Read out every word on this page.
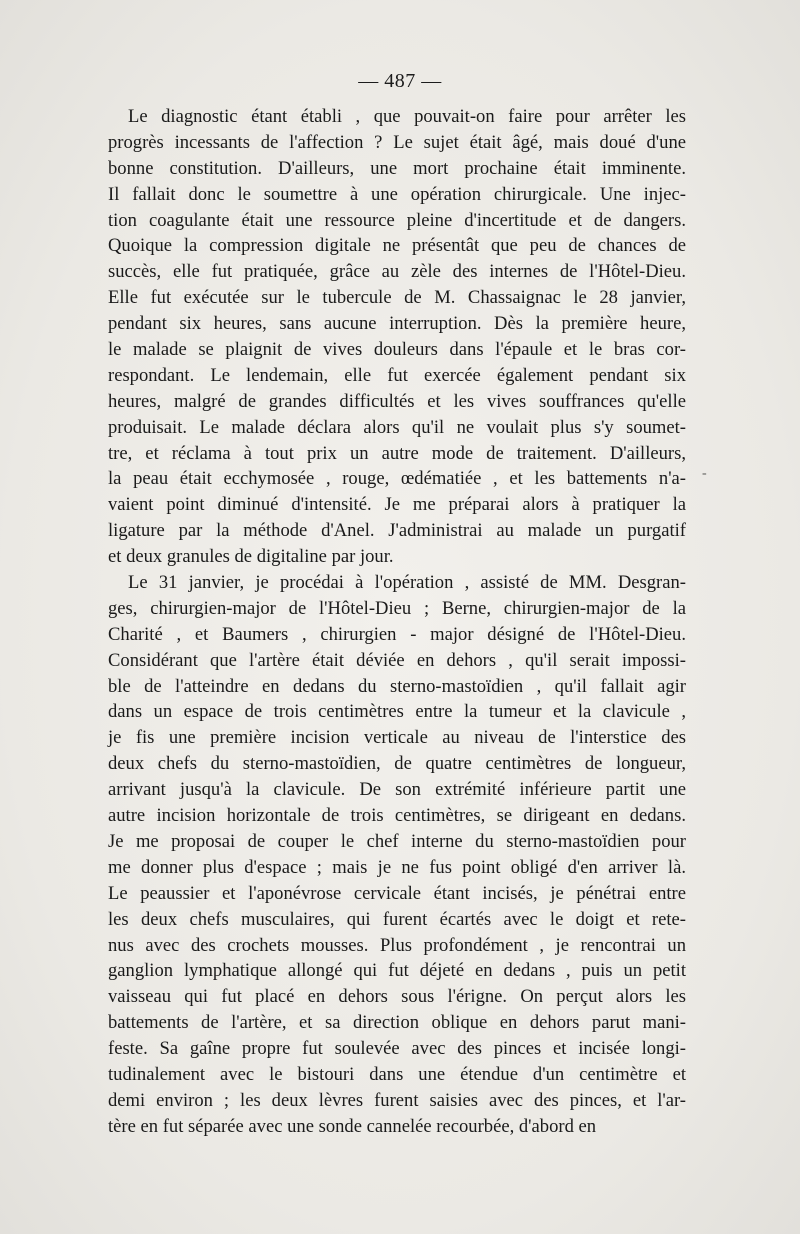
— 487 —
Le diagnostic étant établi , que pouvait-on faire pour arrêter les
progrès incessants de l'affection ? Le sujet était âgé, mais doué d'une
bonne constitution. D'ailleurs, une mort prochaine était imminente.
Il fallait donc le soumettre à une opération chirurgicale. Une injec-
tion coagulante était une ressource pleine d'incertitude et de dangers.
Quoique la compression digitale ne présentât que peu de chances de
succès, elle fut pratiquée, grâce au zèle des internes de l'Hôtel-Dieu.
Elle fut exécutée sur le tubercule de M. Chassaignac le 28 janvier,
pendant six heures, sans aucune interruption. Dès la première heure,
le malade se plaignit de vives douleurs dans l'épaule et le bras cor-
respondant. Le lendemain, elle fut exercée également pendant six
heures, malgré de grandes difficultés et les vives souffrances qu'elle
produisait. Le malade déclara alors qu'il ne voulait plus s'y soumet-
tre, et réclama à tout prix un autre mode de traitement. D'ailleurs,
la peau était ecchymosée , rouge, œdématiée , et les battements n'a-
vaient point diminué d'intensité. Je me préparai alors à pratiquer la
ligature par la méthode d'Anel. J'administrai au malade un purgatif
et deux granules de digitaline par jour.
Le 31 janvier, je procédai à l'opération , assisté de MM. Desgran-
ges, chirurgien-major de l'Hôtel-Dieu ; Berne, chirurgien-major de la
Charité , et Baumers , chirurgien - major désigné de l'Hôtel-Dieu.
Considérant que l'artère était déviée en dehors , qu'il serait impossi-
ble de l'atteindre en dedans du sterno-mastoïdien , qu'il fallait agir
dans un espace de trois centimètres entre la tumeur et la clavicule ,
je fis une première incision verticale au niveau de l'interstice des
deux chefs du sterno-mastoïdien, de quatre centimètres de longueur,
arrivant jusqu'à la clavicule. De son extrémité inférieure partit une
autre incision horizontale de trois centimètres, se dirigeant en dedans.
Je me proposai de couper le chef interne du sterno-mastoïdien pour
me donner plus d'espace ; mais je ne fus point obligé d'en arriver là.
Le peaussier et l'aponévrose cervicale étant incisés, je pénétrai entre
les deux chefs musculaires, qui furent écartés avec le doigt et rete-
nus avec des crochets mousses. Plus profondément , je rencontrai un
ganglion lymphatique allongé qui fut déjeté en dedans , puis un petit
vaisseau qui fut placé en dehors sous l'érigne. On perçut alors les
battements de l'artère, et sa direction oblique en dehors parut mani-
feste. Sa gaîne propre fut soulevée avec des pinces et incisée longi-
tudinalement avec le bistouri dans une étendue d'un centimètre et
demi environ ; les deux lèvres furent saisies avec des pinces, et l'ar-
tère en fut séparée avec une sonde cannelée recourbée, d'abord en
-
